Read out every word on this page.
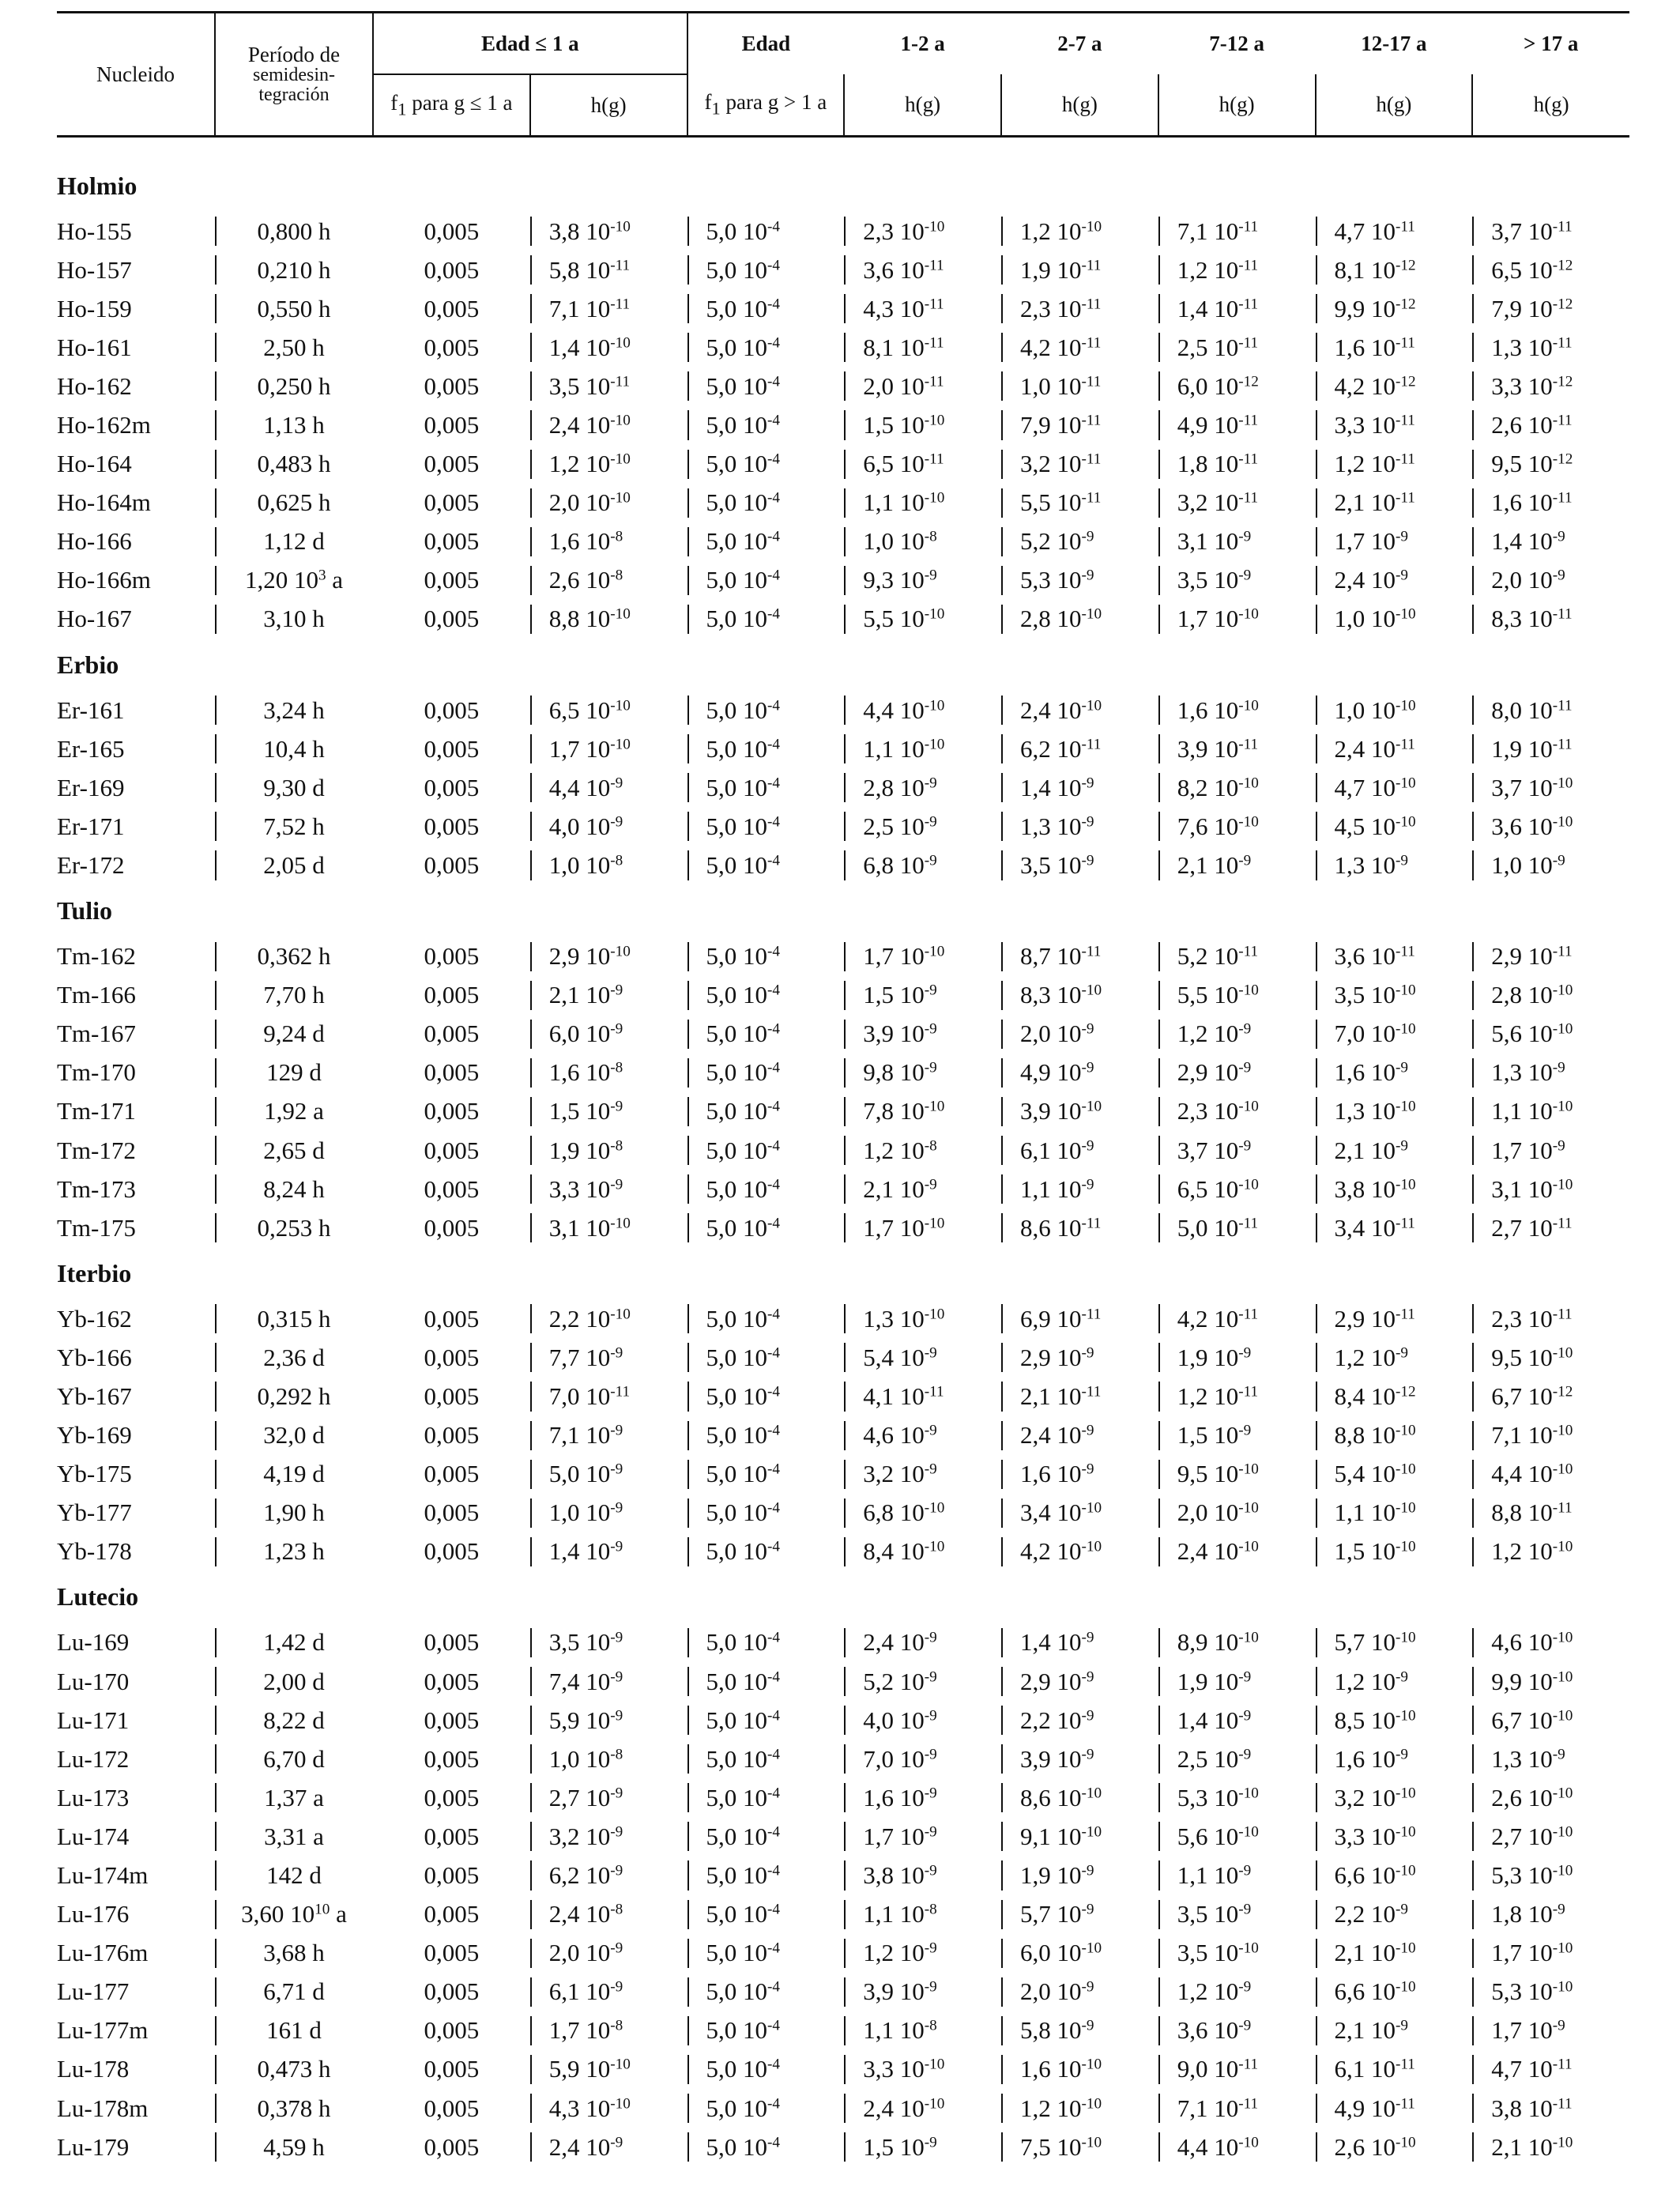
Nucleido	Período de
semidesin-
tegración	Edad ≤ 1 a		Edad	1-2 a	2-7 a	7-12 a	12-17 a	> 17 a
		$f_1$ para g ≤ 1 a	h(g)	$f_1$ para g > 1 a	h(g)	h(g)	h(g)	h(g)	h(g)

Holmio									
Ho-155	0,800 h	0,005	3,8 $10^{-10}$	5,0 $10^{-4}$	2,3 $10^{-10}$	1,2 $10^{-10}$	7,1 $10^{-11}$	4,7 $10^{-11}$	3,7 $10^{-11}$
Ho-157	0,210 h	0,005	5,8 $10^{-11}$	5,0 $10^{-4}$	3,6 $10^{-11}$	1,9 $10^{-11}$	1,2 $10^{-11}$	8,1 $10^{-12}$	6,5 $10^{-12}$
Ho-159	0,550 h	0,005	7,1 $10^{-11}$	5,0 $10^{-4}$	4,3 $10^{-11}$	2,3 $10^{-11}$	1,4 $10^{-11}$	9,9 $10^{-12}$	7,9 $10^{-12}$
Ho-161	2,50 h	0,005	1,4 $10^{-10}$	5,0 $10^{-4}$	8,1 $10^{-11}$	4,2 $10^{-11}$	2,5 $10^{-11}$	1,6 $10^{-11}$	1,3 $10^{-11}$
Ho-162	0,250 h	0,005	3,5 $10^{-11}$	5,0 $10^{-4}$	2,0 $10^{-11}$	1,0 $10^{-11}$	6,0 $10^{-12}$	4,2 $10^{-12}$	3,3 $10^{-12}$
Ho-162m	1,13 h	0,005	2,4 $10^{-10}$	5,0 $10^{-4}$	1,5 $10^{-10}$	7,9 $10^{-11}$	4,9 $10^{-11}$	3,3 $10^{-11}$	2,6 $10^{-11}$
Ho-164	0,483 h	0,005	1,2 $10^{-10}$	5,0 $10^{-4}$	6,5 $10^{-11}$	3,2 $10^{-11}$	1,8 $10^{-11}$	1,2 $10^{-11}$	9,5 $10^{-12}$
Ho-164m	0,625 h	0,005	2,0 $10^{-10}$	5,0 $10^{-4}$	1,1 $10^{-10}$	5,5 $10^{-11}$	3,2 $10^{-11}$	2,1 $10^{-11}$	1,6 $10^{-11}$
Ho-166	1,12 d	0,005	1,6 $10^{-8}$	5,0 $10^{-4}$	1,0 $10^{-8}$	5,2 $10^{-9}$	3,1 $10^{-9}$	1,7 $10^{-9}$	1,4 $10^{-9}$
Ho-166m	1,20 $10^3$ a	0,005	2,6 $10^{-8}$	5,0 $10^{-4}$	9,3 $10^{-9}$	5,3 $10^{-9}$	3,5 $10^{-9}$	2,4 $10^{-9}$	2,0 $10^{-9}$
Ho-167	3,10 h	0,005	8,8 $10^{-10}$	5,0 $10^{-4}$	5,5 $10^{-10}$	2,8 $10^{-10}$	1,7 $10^{-10}$	1,0 $10^{-10}$	8,3 $10^{-11}$
Erbio									
Er-161	3,24 h	0,005	6,5 $10^{-10}$	5,0 $10^{-4}$	4,4 $10^{-10}$	2,4 $10^{-10}$	1,6 $10^{-10}$	1,0 $10^{-10}$	8,0 $10^{-11}$
Er-165	10,4 h	0,005	1,7 $10^{-10}$	5,0 $10^{-4}$	1,1 $10^{-10}$	6,2 $10^{-11}$	3,9 $10^{-11}$	2,4 $10^{-11}$	1,9 $10^{-11}$
Er-169	9,30 d	0,005	4,4 $10^{-9}$	5,0 $10^{-4}$	2,8 $10^{-9}$	1,4 $10^{-9}$	8,2 $10^{-10}$	4,7 $10^{-10}$	3,7 $10^{-10}$
Er-171	7,52 h	0,005	4,0 $10^{-9}$	5,0 $10^{-4}$	2,5 $10^{-9}$	1,3 $10^{-9}$	7,6 $10^{-10}$	4,5 $10^{-10}$	3,6 $10^{-10}$
Er-172	2,05 d	0,005	1,0 $10^{-8}$	5,0 $10^{-4}$	6,8 $10^{-9}$	3,5 $10^{-9}$	2,1 $10^{-9}$	1,3 $10^{-9}$	1,0 $10^{-9}$
Tulio									
Tm-162	0,362 h	0,005	2,9 $10^{-10}$	5,0 $10^{-4}$	1,7 $10^{-10}$	8,7 $10^{-11}$	5,2 $10^{-11}$	3,6 $10^{-11}$	2,9 $10^{-11}$
Tm-166	7,70 h	0,005	2,1 $10^{-9}$	5,0 $10^{-4}$	1,5 $10^{-9}$	8,3 $10^{-10}$	5,5 $10^{-10}$	3,5 $10^{-10}$	2,8 $10^{-10}$
Tm-167	9,24 d	0,005	6,0 $10^{-9}$	5,0 $10^{-4}$	3,9 $10^{-9}$	2,0 $10^{-9}$	1,2 $10^{-9}$	7,0 $10^{-10}$	5,6 $10^{-10}$
Tm-170	129 d	0,005	1,6 $10^{-8}$	5,0 $10^{-4}$	9,8 $10^{-9}$	4,9 $10^{-9}$	2,9 $10^{-9}$	1,6 $10^{-9}$	1,3 $10^{-9}$
Tm-171	1,92 a	0,005	1,5 $10^{-9}$	5,0 $10^{-4}$	7,8 $10^{-10}$	3,9 $10^{-10}$	2,3 $10^{-10}$	1,3 $10^{-10}$	1,1 $10^{-10}$
Tm-172	2,65 d	0,005	1,9 $10^{-8}$	5,0 $10^{-4}$	1,2 $10^{-8}$	6,1 $10^{-9}$	3,7 $10^{-9}$	2,1 $10^{-9}$	1,7 $10^{-9}$
Tm-173	8,24 h	0,005	3,3 $10^{-9}$	5,0 $10^{-4}$	2,1 $10^{-9}$	1,1 $10^{-9}$	6,5 $10^{-10}$	3,8 $10^{-10}$	3,1 $10^{-10}$
Tm-175	0,253 h	0,005	3,1 $10^{-10}$	5,0 $10^{-4}$	1,7 $10^{-10}$	8,6 $10^{-11}$	5,0 $10^{-11}$	3,4 $10^{-11}$	2,7 $10^{-11}$
Iterbio									
Yb-162	0,315 h	0,005	2,2 $10^{-10}$	5,0 $10^{-4}$	1,3 $10^{-10}$	6,9 $10^{-11}$	4,2 $10^{-11}$	2,9 $10^{-11}$	2,3 $10^{-11}$
Yb-166	2,36 d	0,005	7,7 $10^{-9}$	5,0 $10^{-4}$	5,4 $10^{-9}$	2,9 $10^{-9}$	1,9 $10^{-9}$	1,2 $10^{-9}$	9,5 $10^{-10}$
Yb-167	0,292 h	0,005	7,0 $10^{-11}$	5,0 $10^{-4}$	4,1 $10^{-11}$	2,1 $10^{-11}$	1,2 $10^{-11}$	8,4 $10^{-12}$	6,7 $10^{-12}$
Yb-169	32,0 d	0,005	7,1 $10^{-9}$	5,0 $10^{-4}$	4,6 $10^{-9}$	2,4 $10^{-9}$	1,5 $10^{-9}$	8,8 $10^{-10}$	7,1 $10^{-10}$
Yb-175	4,19 d	0,005	5,0 $10^{-9}$	5,0 $10^{-4}$	3,2 $10^{-9}$	1,6 $10^{-9}$	9,5 $10^{-10}$	5,4 $10^{-10}$	4,4 $10^{-10}$
Yb-177	1,90 h	0,005	1,0 $10^{-9}$	5,0 $10^{-4}$	6,8 $10^{-10}$	3,4 $10^{-10}$	2,0 $10^{-10}$	1,1 $10^{-10}$	8,8 $10^{-11}$
Yb-178	1,23 h	0,005	1,4 $10^{-9}$	5,0 $10^{-4}$	8,4 $10^{-10}$	4,2 $10^{-10}$	2,4 $10^{-10}$	1,5 $10^{-10}$	1,2 $10^{-10}$
Lutecio									
Lu-169	1,42 d	0,005	3,5 $10^{-9}$	5,0 $10^{-4}$	2,4 $10^{-9}$	1,4 $10^{-9}$	8,9 $10^{-10}$	5,7 $10^{-10}$	4,6 $10^{-10}$
Lu-170	2,00 d	0,005	7,4 $10^{-9}$	5,0 $10^{-4}$	5,2 $10^{-9}$	2,9 $10^{-9}$	1,9 $10^{-9}$	1,2 $10^{-9}$	9,9 $10^{-10}$
Lu-171	8,22 d	0,005	5,9 $10^{-9}$	5,0 $10^{-4}$	4,0 $10^{-9}$	2,2 $10^{-9}$	1,4 $10^{-9}$	8,5 $10^{-10}$	6,7 $10^{-10}$
Lu-172	6,70 d	0,005	1,0 $10^{-8}$	5,0 $10^{-4}$	7,0 $10^{-9}$	3,9 $10^{-9}$	2,5 $10^{-9}$	1,6 $10^{-9}$	1,3 $10^{-9}$
Lu-173	1,37 a	0,005	2,7 $10^{-9}$	5,0 $10^{-4}$	1,6 $10^{-9}$	8,6 $10^{-10}$	5,3 $10^{-10}$	3,2 $10^{-10}$	2,6 $10^{-10}$
Lu-174	3,31 a	0,005	3,2 $10^{-9}$	5,0 $10^{-4}$	1,7 $10^{-9}$	9,1 $10^{-10}$	5,6 $10^{-10}$	3,3 $10^{-10}$	2,7 $10^{-10}$
Lu-174m	142 d	0,005	6,2 $10^{-9}$	5,0 $10^{-4}$	3,8 $10^{-9}$	1,9 $10^{-9}$	1,1 $10^{-9}$	6,6 $10^{-10}$	5,3 $10^{-10}$
Lu-176	3,60 $10^{10}$ a	0,005	2,4 $10^{-8}$	5,0 $10^{-4}$	1,1 $10^{-8}$	5,7 $10^{-9}$	3,5 $10^{-9}$	2,2 $10^{-9}$	1,8 $10^{-9}$
Lu-176m	3,68 h	0,005	2,0 $10^{-9}$	5,0 $10^{-4}$	1,2 $10^{-9}$	6,0 $10^{-10}$	3,5 $10^{-10}$	2,1 $10^{-10}$	1,7 $10^{-10}$
Lu-177	6,71 d	0,005	6,1 $10^{-9}$	5,0 $10^{-4}$	3,9 $10^{-9}$	2,0 $10^{-9}$	1,2 $10^{-9}$	6,6 $10^{-10}$	5,3 $10^{-10}$
Lu-177m	161 d	0,005	1,7 $10^{-8}$	5,0 $10^{-4}$	1,1 $10^{-8}$	5,8 $10^{-9}$	3,6 $10^{-9}$	2,1 $10^{-9}$	1,7 $10^{-9}$
Lu-178	0,473 h	0,005	5,9 $10^{-10}$	5,0 $10^{-4}$	3,3 $10^{-10}$	1,6 $10^{-10}$	9,0 $10^{-11}$	6,1 $10^{-11}$	4,7 $10^{-11}$
Lu-178m	0,378 h	0,005	4,3 $10^{-10}$	5,0 $10^{-4}$	2,4 $10^{-10}$	1,2 $10^{-10}$	7,1 $10^{-11}$	4,9 $10^{-11}$	3,8 $10^{-11}$
Lu-179	4,59 h	0,005	2,4 $10^{-9}$	5,0 $10^{-4}$	1,5 $10^{-9}$	7,5 $10^{-10}$	4,4 $10^{-10}$	2,6 $10^{-10}$	2,1 $10^{-10}$
